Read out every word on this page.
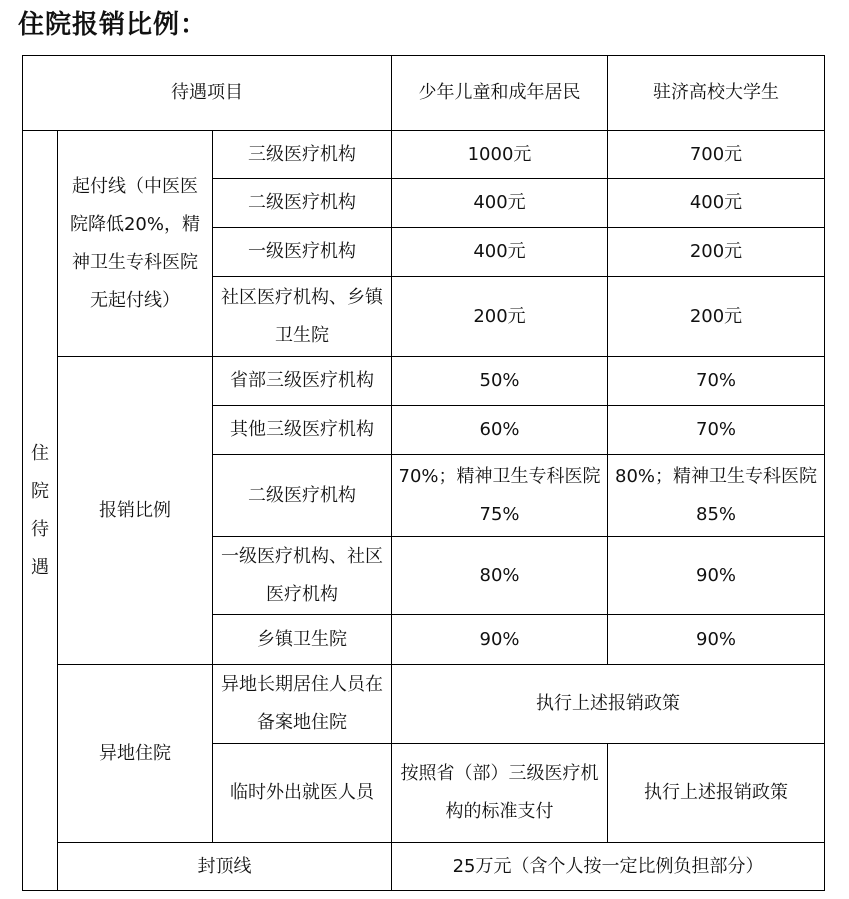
住院报销比例：
待遇项目			少年儿童和成年居民	驻济高校大学生
住院待遇	起付线（中医医院降低20%，精神卫生专科医院无起付线）	三级医疗机构	1000元	700元
		二级医疗机构	400元	400元
		一级医疗机构	400元	200元
		社区医疗机构、乡镇卫生院	200元	200元
	报销比例	省部三级医疗机构	50%	70%
		其他三级医疗机构	60%	70%
		二级医疗机构	70%；精神卫生专科医院75%	80%；精神卫生专科医院85%
		一级医疗机构、社区医疗机构	80%	90%
		乡镇卫生院	90%	90%
	异地住院	异地长期居住人员在备案地住院	执行上述报销政策	
		临时外出就医人员	按照省（部）三级医疗机构的标准支付	执行上述报销政策
	封顶线		25万元（含个人按一定比例负担部分）	
